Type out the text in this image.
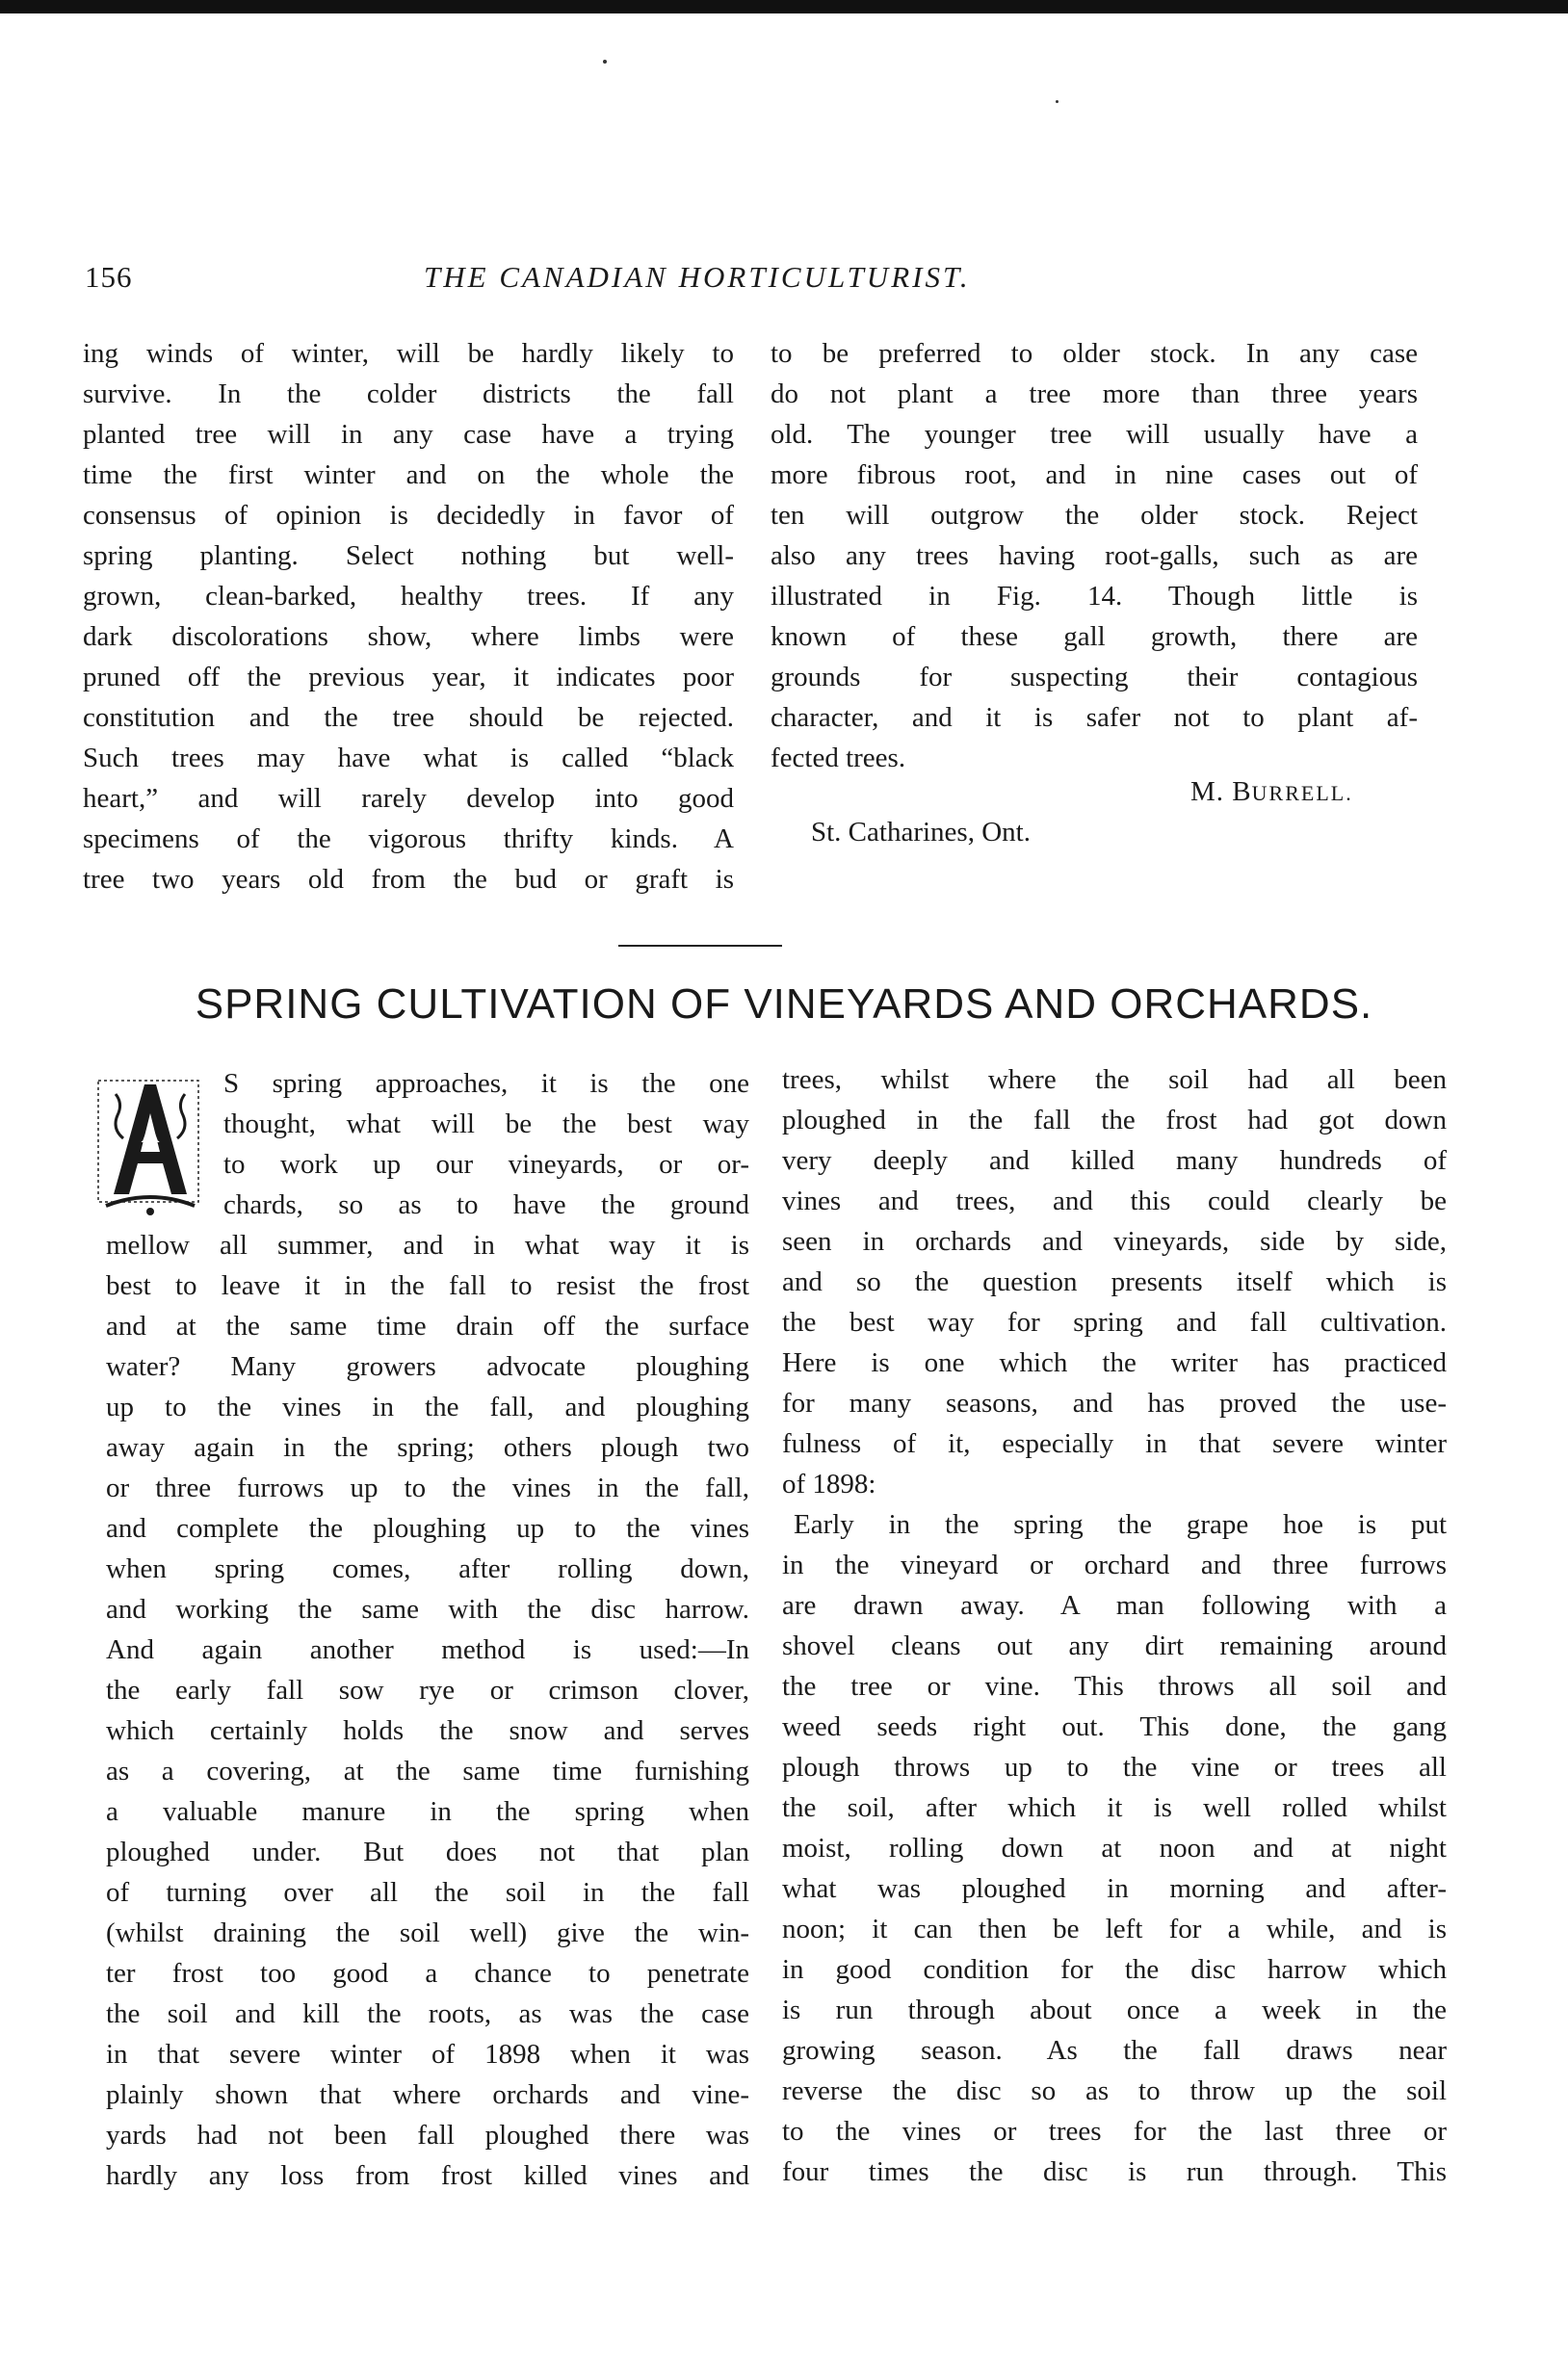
156	THE CANADIAN HORTICULTURIST.
ing winds of winter, will be hardly likely to
survive. In the colder districts the fall
planted tree will in any case have a trying
time the first winter and on the whole the
consensus of opinion is decidedly in favor of
spring planting. Select nothing but well-
grown, clean-barked, healthy trees. If any
dark discolorations show, where limbs were
pruned off the previous year, it indicates poor
constitution and the tree should be rejected.
Such trees may have what is called “black
heart,” and will rarely develop into good
specimens of the vigorous thrifty kinds. A
tree two years old from the bud or graft is
to be preferred to older stock. In any case
do not plant a tree more than three years
old. The younger tree will usually have a
more fibrous root, and in nine cases out of
ten will outgrow the older stock. Reject
also any trees having root-galls, such as are
illustrated in Fig. 14. Though little is
known of these gall growth, there are
grounds for suspecting their contagious
character, and it is safer not to plant af-
fected trees.
M. BURRELL.
St. Catharines, Ont.
SPRING CULTIVATION OF VINEYARDS AND ORCHARDS.
A
S spring approaches, it is the one
thought, what will be the best way
to work up our vineyards, or or-
chards, so as to have the ground
mellow all summer, and in what way it is
best to leave it in the fall to resist the frost
and at the same time drain off the surface
water? Many growers advocate ploughing
up to the vines in the fall, and ploughing
away again in the spring; others plough two
or three furrows up to the vines in the fall,
and complete the ploughing up to the vines
when spring comes, after rolling down,
and working the same with the disc harrow.
And again another method is used:—In
the early fall sow rye or crimson clover,
which certainly holds the snow and serves
as a covering, at the same time furnishing
a valuable manure in the spring when
ploughed under. But does not that plan
of turning over all the soil in the fall
(whilst draining the soil well) give the win-
ter frost too good a chance to penetrate
the soil and kill the roots, as was the case
in that severe winter of 1898 when it was
plainly shown that where orchards and vine-
yards had not been fall ploughed there was
hardly any loss from frost killed vines and
trees, whilst where the soil had all been
ploughed in the fall the frost had got down
very deeply and killed many hundreds of
vines and trees, and this could clearly be
seen in orchards and vineyards, side by side,
and so the question presents itself which is
the best way for spring and fall cultivation.
Here is one which the writer has practiced
for many seasons, and has proved the use-
fulness of it, especially in that severe winter
of 1898:
Early in the spring the grape hoe is put
in the vineyard or orchard and three furrows
are drawn away. A man following with a
shovel cleans out any dirt remaining around
the tree or vine. This throws all soil and
weed seeds right out. This done, the gang
plough throws up to the vine or trees all
the soil, after which it is well rolled whilst
moist, rolling down at noon and at night
what was ploughed in morning and after-
noon; it can then be left for a while, and is
in good condition for the disc harrow which
is run through about once a week in the
growing season. As the fall draws near
reverse the disc so as to throw up the soil
to the vines or trees for the last three or
four times the disc is run through. This
